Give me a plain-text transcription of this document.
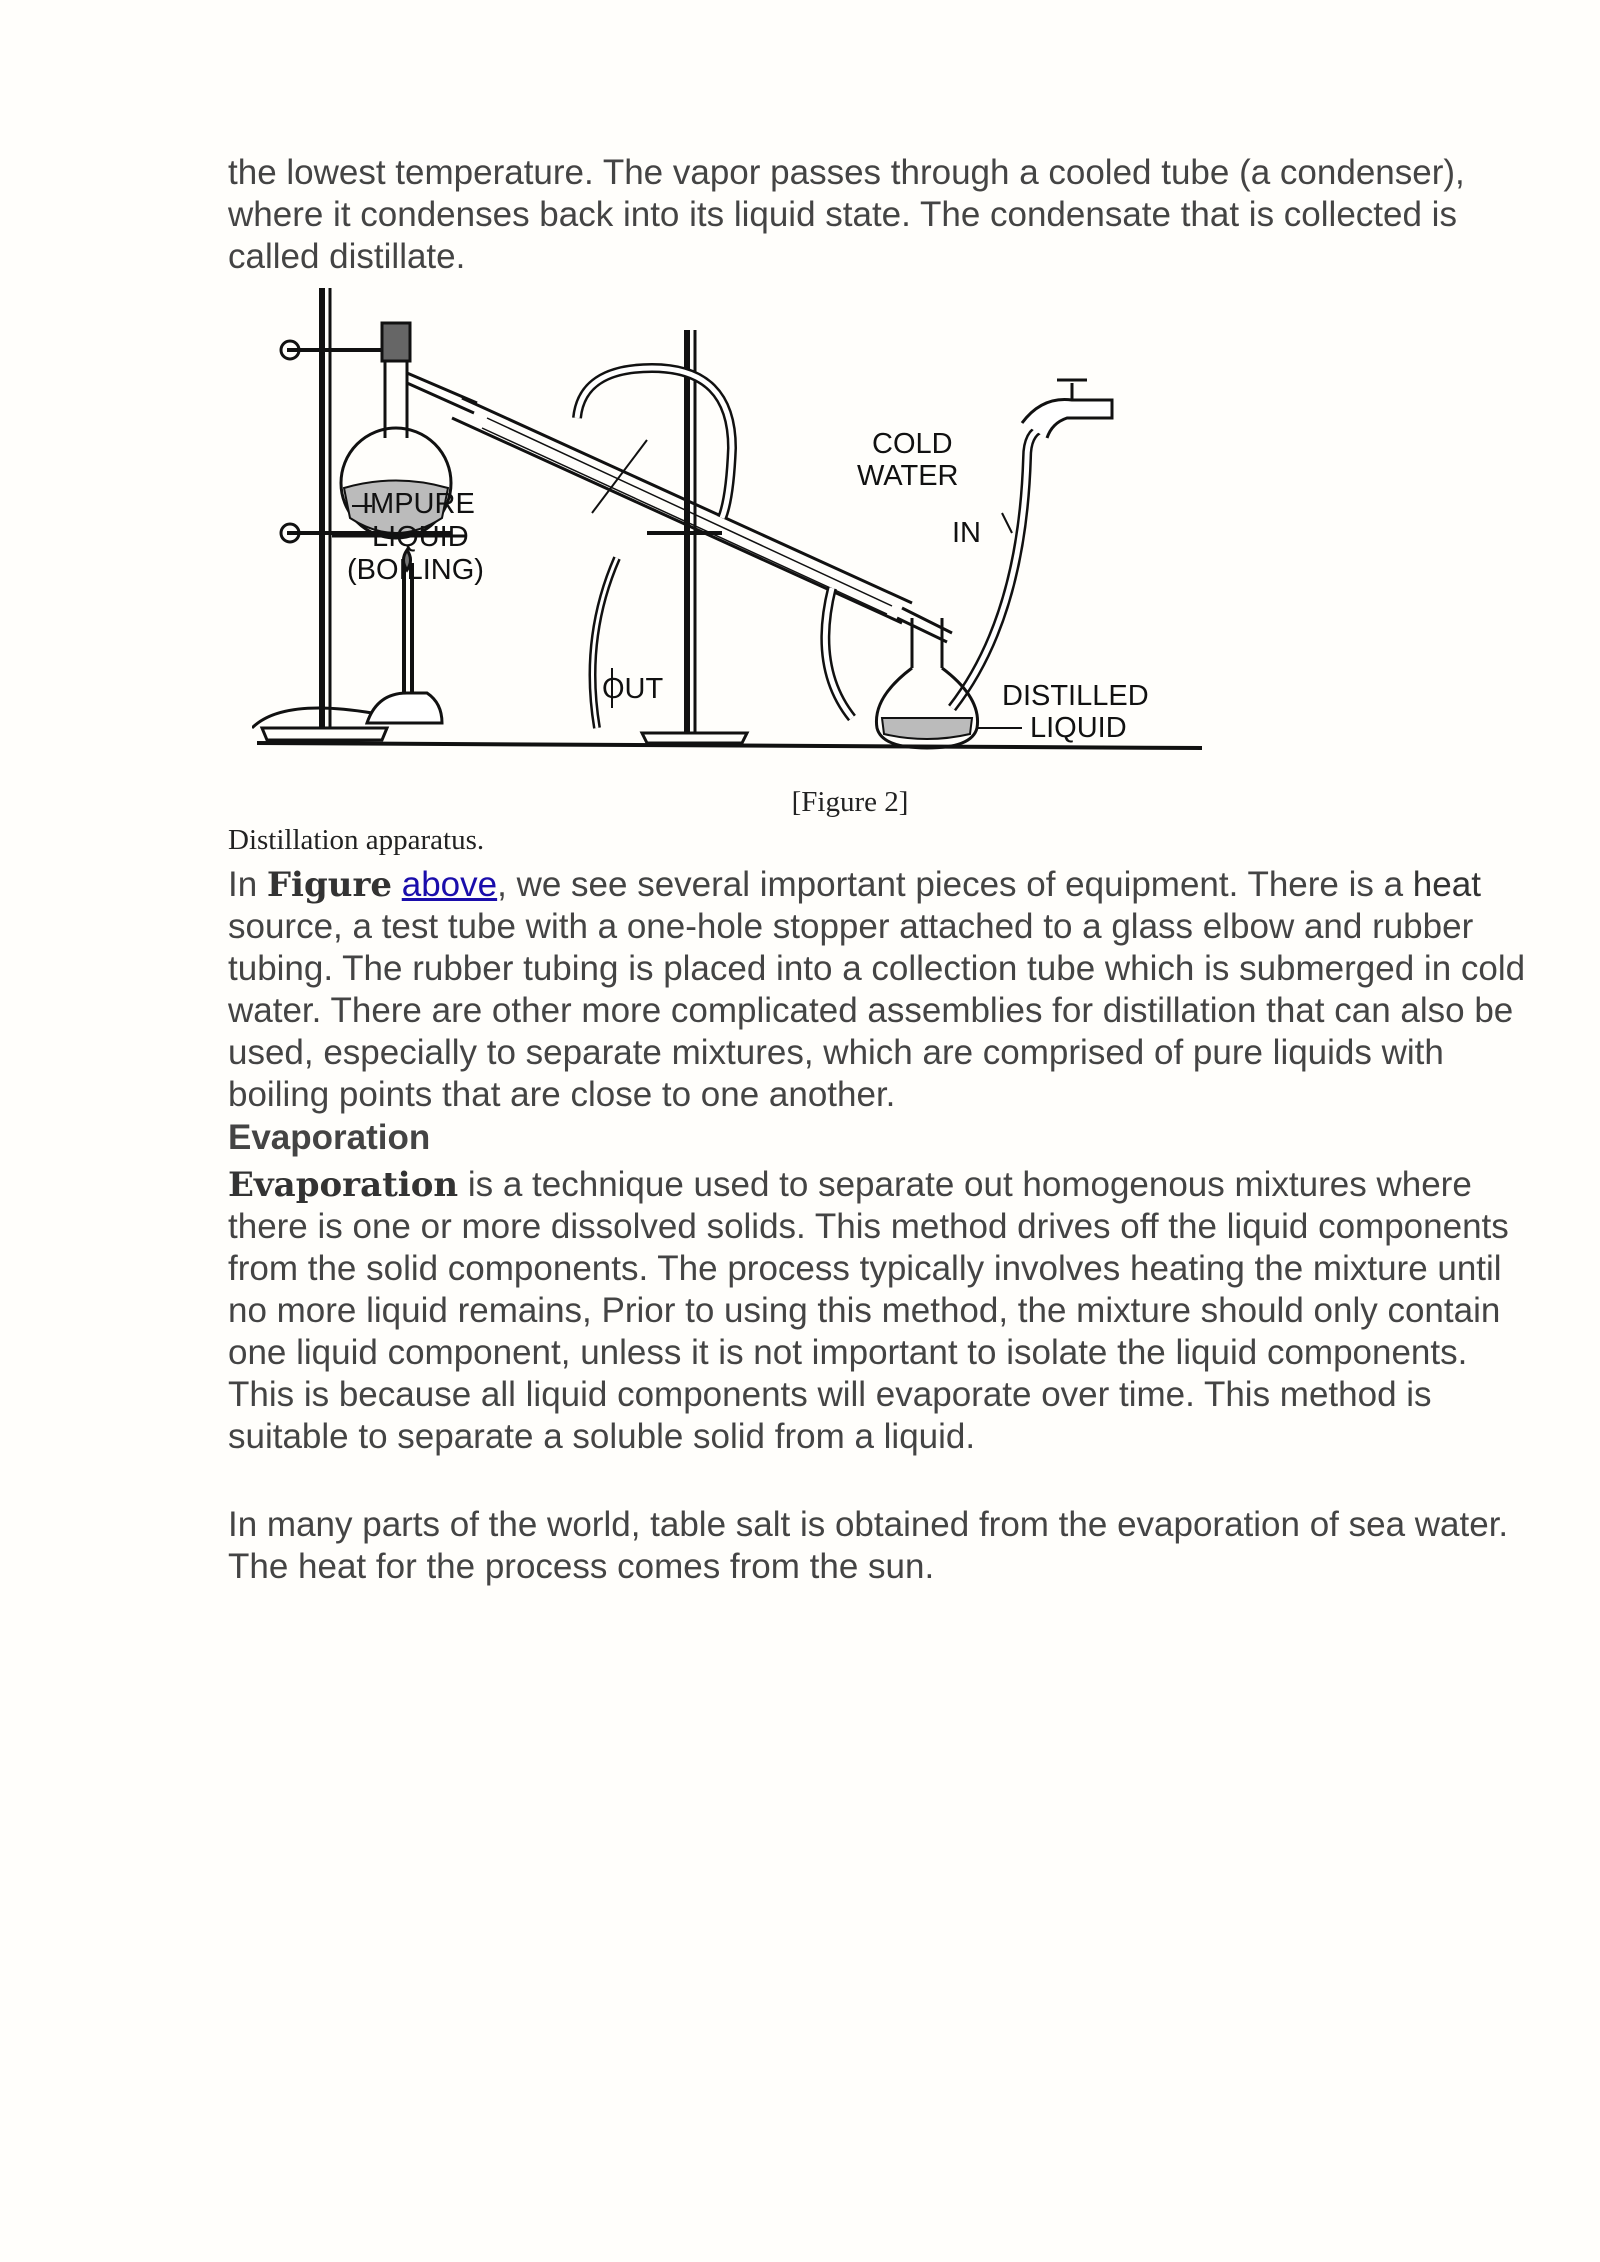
the lowest temperature. The vapor passes through a cooled tube (a condenser), where it condenses back into its liquid state. The condensate that is collected is called distillate.
IMPURE
LIQUID
(BOILING)
COLD
WATER
IN
OUT	DISTILLED
LIQUID
[Figure 2]
Distillation apparatus.
In Figure above, we see several important pieces of equipment. There is a heat source, a test tube with a one-hole stopper attached to a glass elbow and rubber tubing. The rubber tubing is placed into a collection tube which is submerged in cold water. There are other more complicated assemblies for distillation that can also be used, especially to separate mixtures, which are comprised of pure liquids with boiling points that are close to one another.
Evaporation
Evaporation is a technique used to separate out homogenous mixtures where there is one or more dissolved solids. This method drives off the liquid components from the solid components. The process typically involves heating the mixture until no more liquid remains, Prior to using this method, the mixture should only contain one liquid component, unless it is not important to isolate the liquid components. This is because all liquid components will evaporate over time. This method is suitable to separate a soluble solid from a liquid.
In many parts of the world, table salt is obtained from the evaporation of sea water. The heat for the process comes from the sun.
